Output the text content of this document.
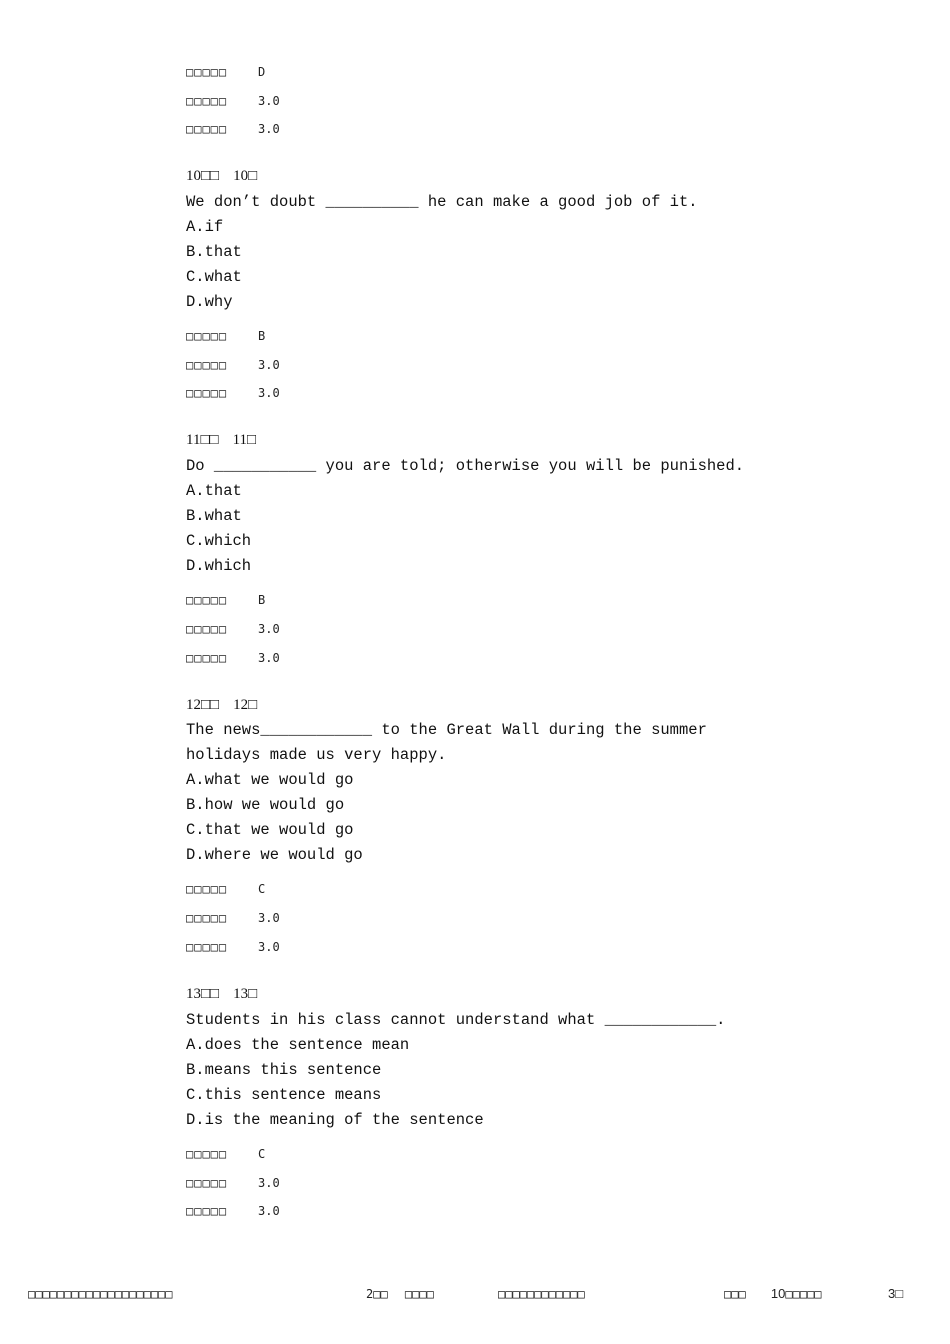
□□□□□	D
□□□□□	3.0
□□□□□	3.0
10□□ 10□
We don’t doubt __________ he can make a good job of it.
A.if
B.that
C.what
D.why
□□□□□	B
□□□□□	3.0
□□□□□	3.0
11□□ 11□
Do ___________ you are told; otherwise you will be punished.
A.that
B.what
C.which
D.which
□□□□□	B
□□□□□	3.0
□□□□□	3.0
12□□ 12□
The news____________ to the Great Wall during the summer
holidays made us very happy.
A.what we would go
B.how we would go
C.that we would go
D.where we would go
□□□□□	C
□□□□□	3.0
□□□□□	3.0
13□□ 13□
Students in his class cannot understand what ____________.
A.does the sentence mean
B.means this sentence
C.this sentence means
D.is the meaning of the sentence
□□□□□	C
□□□□□	3.0
□□□□□	3.0
□□□□□□□□□□□□□□□□□□□□	2□□ □□□□	□□□□□□□□□□□□	□□□ 10□□□□□	3□
